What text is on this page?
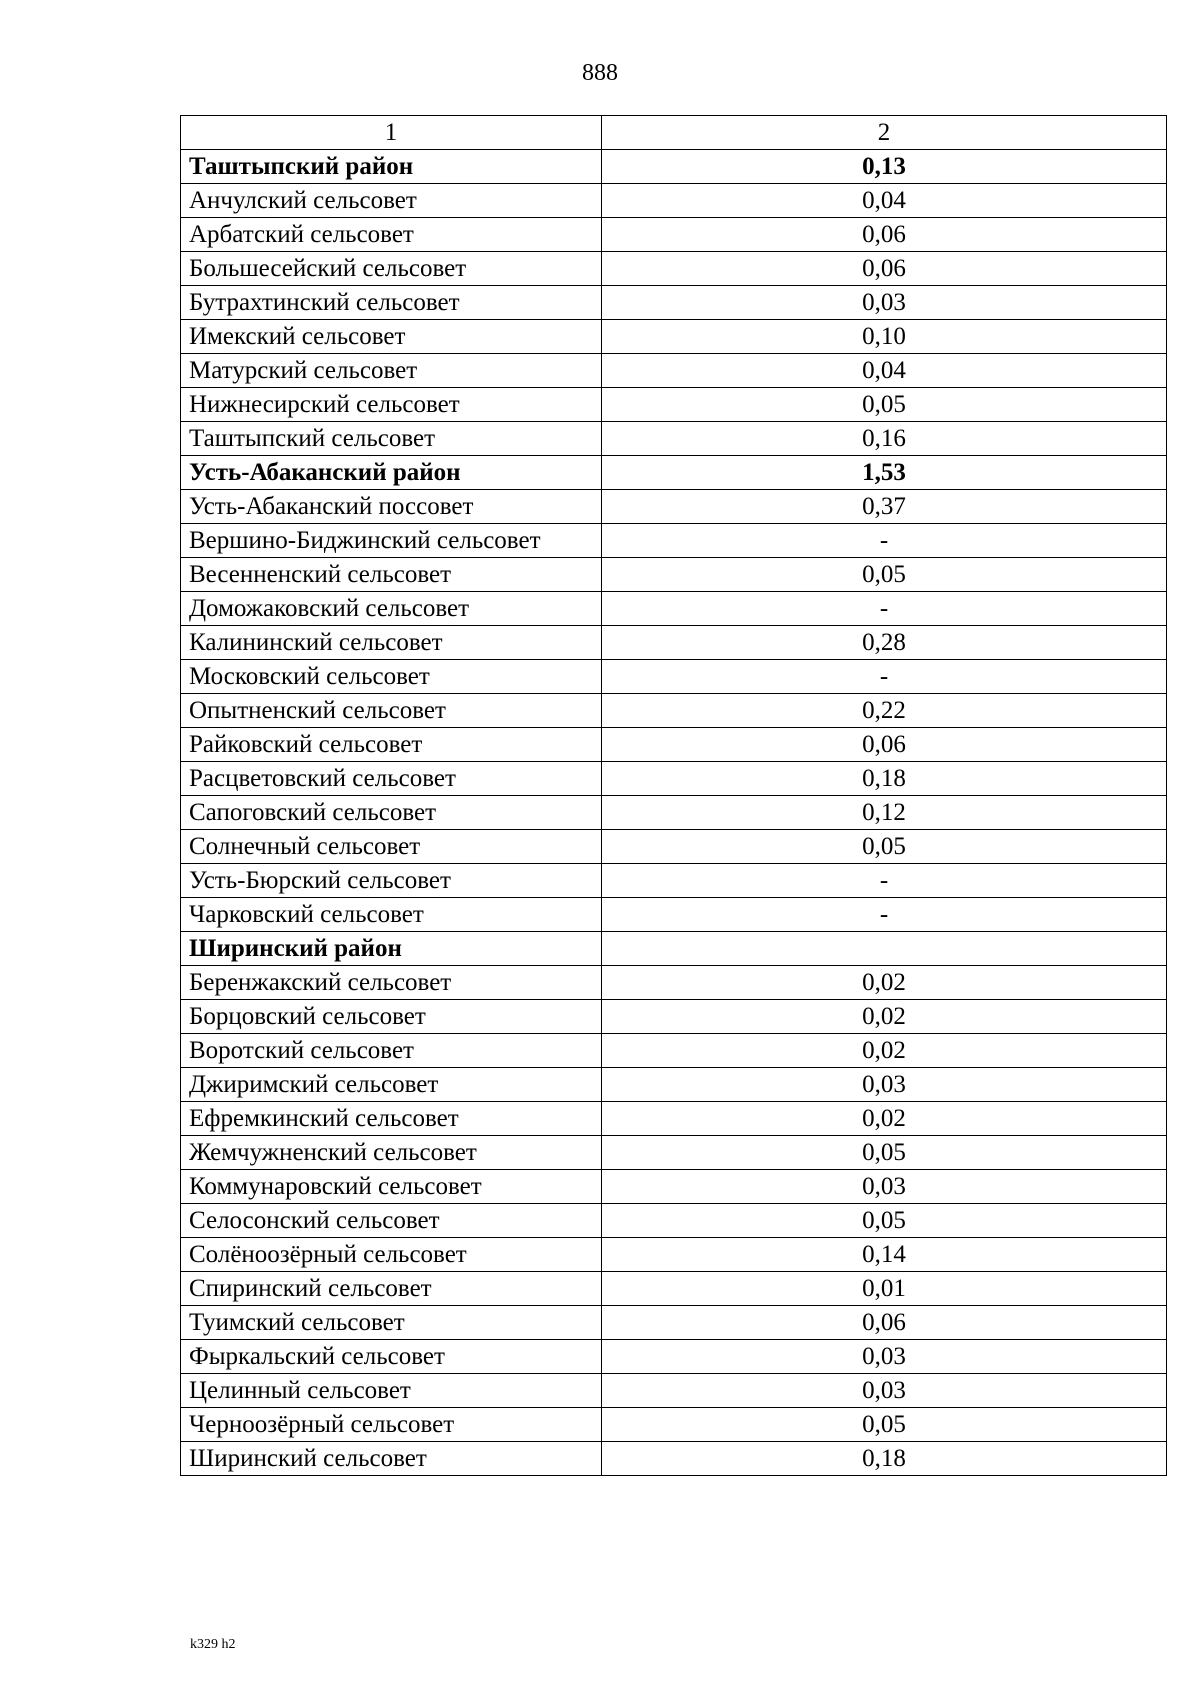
888
1	2
Таштыпский район	0,13
Анчулский сельсовет	0,04
Арбатский сельсовет	0,06
Большесейский сельсовет	0,06
Бутрахтинский сельсовет	0,03
Имекский сельсовет	0,10
Матурский сельсовет	0,04
Нижнесирский сельсовет	0,05
Таштыпский сельсовет	0,16
Усть-Абаканский район	1,53
Усть-Абаканский поссовет	0,37
Вершино-Биджинский сельсовет	-
Весенненский сельсовет	0,05
Доможаковский сельсовет	-
Калининский сельсовет	0,28
Московский сельсовет	-
Опытненский сельсовет	0,22
Райковский сельсовет	0,06
Расцветовский сельсовет	0,18
Сапоговский сельсовет	0,12
Солнечный сельсовет	0,05
Усть-Бюрский сельсовет	-
Чарковский сельсовет	-
Ширинский район	
Беренжакский сельсовет	0,02
Борцовский сельсовет	0,02
Воротский сельсовет	0,02
Джиримский сельсовет	0,03
Ефремкинский сельсовет	0,02
Жемчужненский сельсовет	0,05
Коммунаровский сельсовет	0,03
Селосонский сельсовет	0,05
Солёноозёрный сельсовет	0,14
Спиринский сельсовет	0,01
Туимский сельсовет	0,06
Фыркальский сельсовет	0,03
Целинный сельсовет	0,03
Черноозёрный сельсовет	0,05
Ширинский сельсовет	0,18
k329 h2
